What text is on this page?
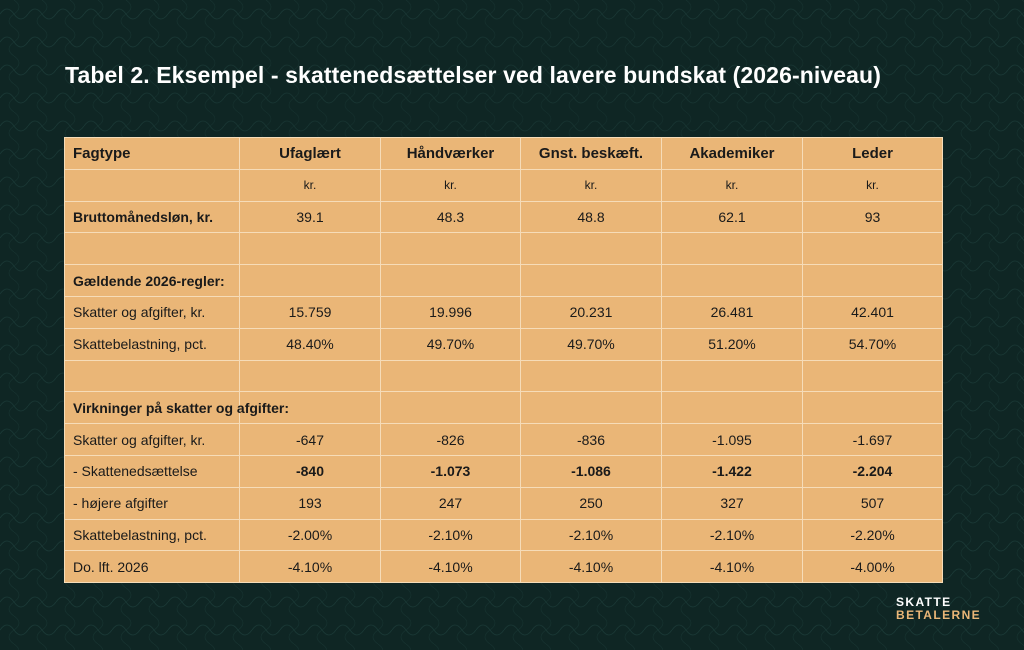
Tabel 2. Eksempel - skattenedsættelser ved lavere bundskat (2026-niveau)
Fagtype	Ufaglært	Håndværker	Gnst. beskæft.	Akademiker	Leder
	kr.	kr.	kr.	kr.	kr.
Bruttomånedsløn, kr.	39.1	48.3	48.8	62.1	93

Gældende 2026-regler:					
Skatter og afgifter, kr.	15.759	19.996	20.231	26.481	42.401
Skattebelastning, pct.	48.40%	49.70%	49.70%	51.20%	54.70%

Virkninger på skatter og afgifter:					
Skatter og afgifter, kr.	-647	-826	-836	-1.095	-1.697
- Skattenedsættelse	-840	-1.073	-1.086	-1.422	-2.204
- højere afgifter	193	247	250	327	507
Skattebelastning, pct.	-2.00%	-2.10%	-2.10%	-2.10%	-2.20%
Do. lft. 2026	-4.10%	-4.10%	-4.10%	-4.10%	-4.00%
SKATTE
BETALERNE
